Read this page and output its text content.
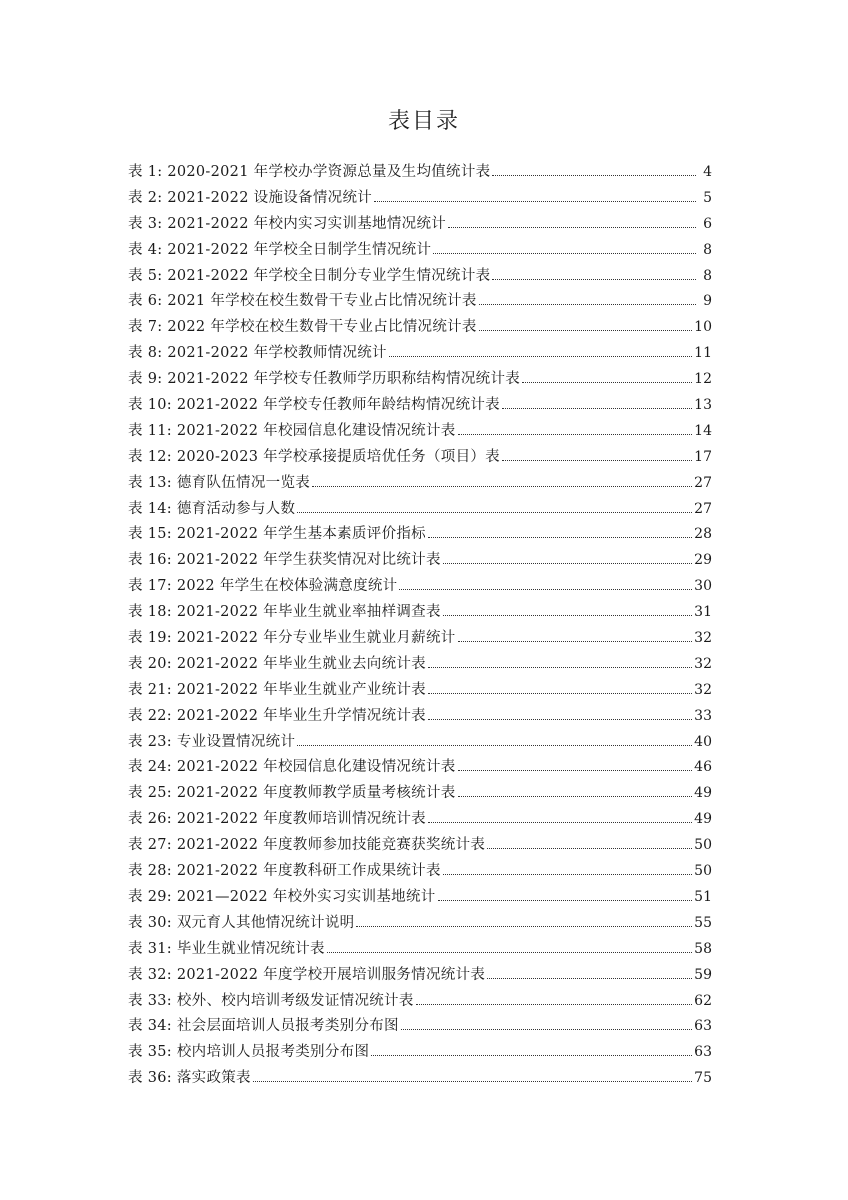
表目录
表 1: 2020-2021 年学校办学资源总量及生均值统计表	4
表 2: 2021-2022 设施设备情况统计	5
表 3: 2021-2022 年校内实习实训基地情况统计	6
表 4: 2021-2022 年学校全日制学生情况统计	8
表 5: 2021-2022 年学校全日制分专业学生情况统计表	8
表 6: 2021 年学校在校生数骨干专业占比情况统计表	9
表 7: 2022 年学校在校生数骨干专业占比情况统计表	10
表 8: 2021-2022 年学校教师情况统计	11
表 9: 2021-2022 年学校专任教师学历职称结构情况统计表	12
表 10: 2021-2022 年学校专任教师年龄结构情况统计表	13
表 11: 2021-2022 年校园信息化建设情况统计表	14
表 12: 2020-2023 年学校承接提质培优任务（项目）表	17
表 13: 德育队伍情况一览表	27
表 14: 德育活动参与人数	27
表 15: 2021-2022 年学生基本素质评价指标	28
表 16: 2021-2022 年学生获奖情况对比统计表	29
表 17: 2022 年学生在校体验满意度统计	30
表 18: 2021-2022 年毕业生就业率抽样调查表	31
表 19: 2021-2022 年分专业毕业生就业月薪统计	32
表 20: 2021-2022 年毕业生就业去向统计表	32
表 21: 2021-2022 年毕业生就业产业统计表	32
表 22: 2021-2022 年毕业生升学情况统计表	33
表 23: 专业设置情况统计	40
表 24: 2021-2022 年校园信息化建设情况统计表	46
表 25: 2021-2022 年度教师教学质量考核统计表	49
表 26: 2021-2022 年度教师培训情况统计表	49
表 27: 2021-2022 年度教师参加技能竞赛获奖统计表	50
表 28: 2021-2022 年度教科研工作成果统计表	50
表 29: 2021—2022 年校外实习实训基地统计	51
表 30: 双元育人其他情况统计说明	55
表 31: 毕业生就业情况统计表	58
表 32: 2021-2022 年度学校开展培训服务情况统计表	59
表 33: 校外、校内培训考级发证情况统计表	62
表 34: 社会层面培训人员报考类别分布图	63
表 35: 校内培训人员报考类别分布图	63
表 36: 落实政策表	75
